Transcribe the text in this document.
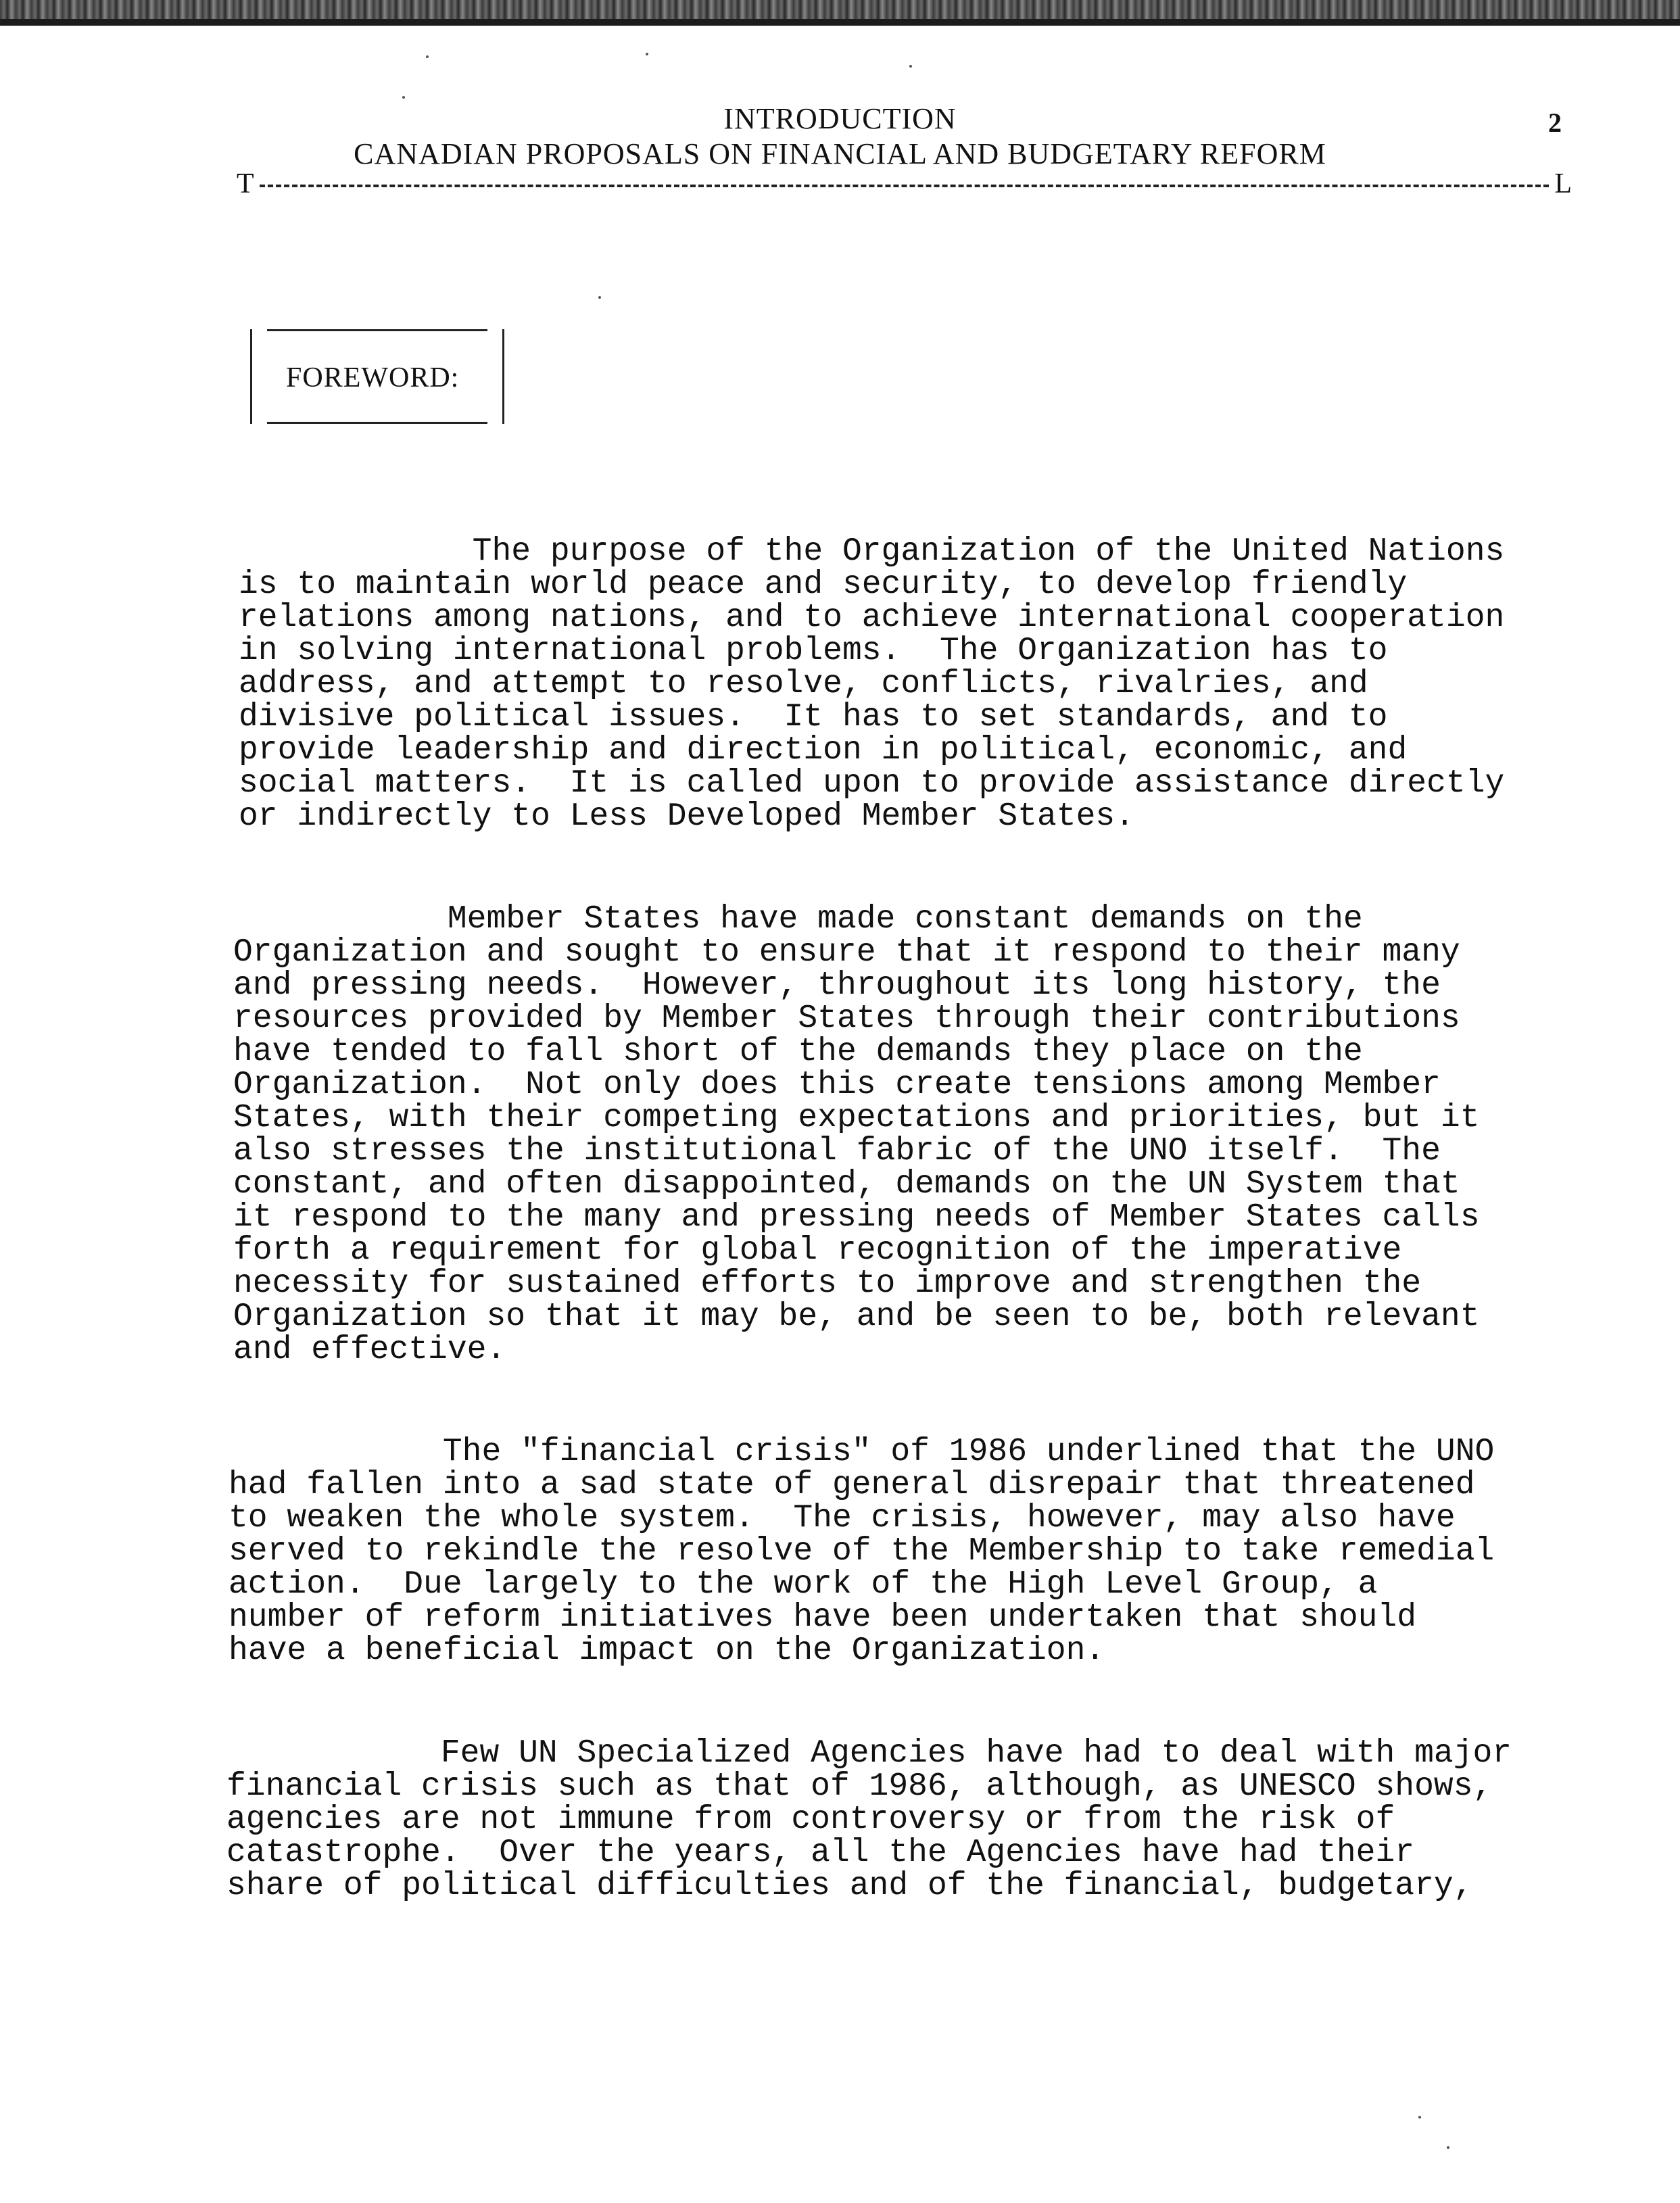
INTRODUCTION	2
CANADIAN PROPOSALS ON FINANCIAL AND BUDGETARY REFORM
T	L
FOREWORD:
The purpose of the Organization of the United Nations
is to maintain world peace and security, to develop friendly
relations among nations, and to achieve international cooperation
in solving international problems.  The Organization has to
address, and attempt to resolve, conflicts, rivalries, and
divisive political issues.  It has to set standards, and to
provide leadership and direction in political, economic, and
social matters.  It is called upon to provide assistance directly
or indirectly to Less Developed Member States.
Member States have made constant demands on the
Organization and sought to ensure that it respond to their many
and pressing needs.  However, throughout its long history, the
resources provided by Member States through their contributions
have tended to fall short of the demands they place on the
Organization.  Not only does this create tensions among Member
States, with their competing expectations and priorities, but it
also stresses the institutional fabric of the UNO itself.  The
constant, and often disappointed, demands on the UN System that
it respond to the many and pressing needs of Member States calls
forth a requirement for global recognition of the imperative
necessity for sustained efforts to improve and strengthen the
Organization so that it may be, and be seen to be, both relevant
and effective.
The "financial crisis" of 1986 underlined that the UNO
had fallen into a sad state of general disrepair that threatened
to weaken the whole system.  The crisis, however, may also have
served to rekindle the resolve of the Membership to take remedial
action.  Due largely to the work of the High Level Group, a
number of reform initiatives have been undertaken that should
have a beneficial impact on the Organization.
Few UN Specialized Agencies have had to deal with major
financial crisis such as that of 1986, although, as UNESCO shows,
agencies are not immune from controversy or from the risk of
catastrophe.  Over the years, all the Agencies have had their
share of political difficulties and of the financial, budgetary,
